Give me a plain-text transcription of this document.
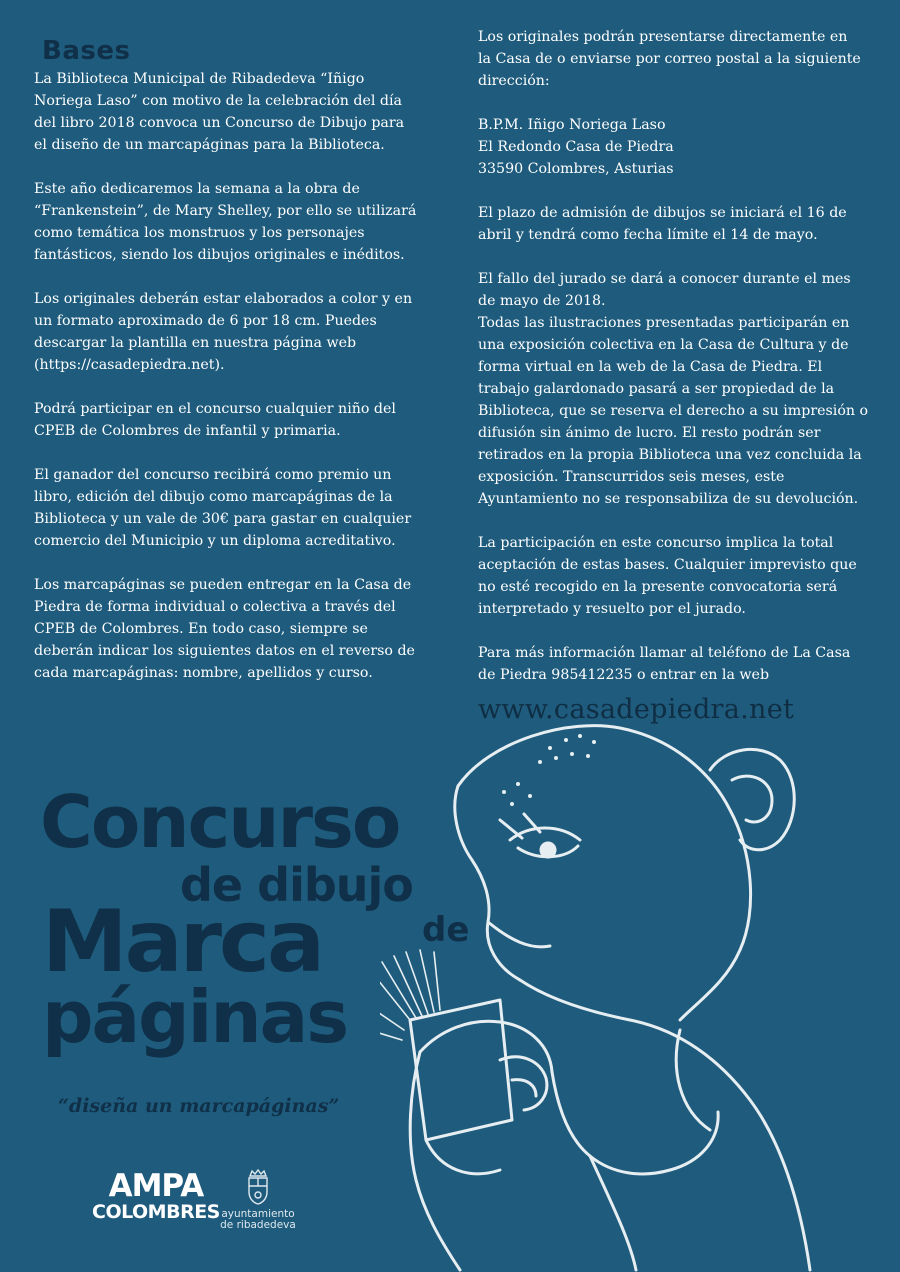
Bases

La Biblioteca Municipal de Ribadedeva “Iñigo
Noriega Laso” con motivo de la celebración del día
del libro 2018 convoca un Concurso de Dibujo para
el diseño de un marcapáginas para la Biblioteca.

Este año dedicaremos la semana a la obra de
“Frankenstein”, de Mary Shelley, por ello se utilizará
como temática los monstruos y los personajes
fantásticos, siendo los dibujos originales e inéditos.

Los originales deberán estar elaborados a color y en
un formato aproximado de 6 por 18 cm. Puedes
descargar la plantilla en nuestra página web
(https://casadepiedra.net).

Podrá participar en el concurso cualquier niño del
CPEB de Colombres de infantil y primaria.

El ganador del concurso recibirá como premio un
libro, edición del dibujo como marcapáginas de la
Biblioteca y un vale de 30€ para gastar en cualquier
comercio del Municipio y un diploma acreditativo.

Los marcapáginas se pueden entregar en la Casa de
Piedra de forma individual o colectiva a través del
CPEB de Colombres. En todo caso, siempre se
deberán indicar los siguientes datos en el reverso de
cada marcapáginas: nombre, apellidos y curso.

Los originales podrán presentarse directamente en
la Casa de o enviarse por correo postal a la siguiente
dirección:

B.P.M. Iñigo Noriega Laso
El Redondo Casa de Piedra
33590 Colombres, Asturias

El plazo de admisión de dibujos se iniciará el 16 de
abril y tendrá como fecha límite el 14 de mayo.

El fallo del jurado se dará a conocer durante el mes
de mayo de 2018.
Todas las ilustraciones presentadas participarán en
una exposición colectiva en la Casa de Cultura y de
forma virtual en la web de la Casa de Piedra. El
trabajo galardonado pasará a ser propiedad de la
Biblioteca, que se reserva el derecho a su impresión o
difusión sin ánimo de lucro. El resto podrán ser
retirados en la propia Biblioteca una vez concluida la
exposición. Transcurridos seis meses, este
Ayuntamiento no se responsabiliza de su devolución.

La participación en este concurso implica la total
aceptación de estas bases. Cualquier imprevisto que
no esté recogido en la presente convocatoria será
interpretado y resuelto por el jurado.

Para más información llamar al teléfono de La Casa
de Piedra 985412235 o entrar en la web

www.casadepiedra.net
Concurso
de dibujo
Marca	de
páginas
“diseña un marcapáginas”
AMPA
COLOMBRES ayuntamiento
de ribadedeva
